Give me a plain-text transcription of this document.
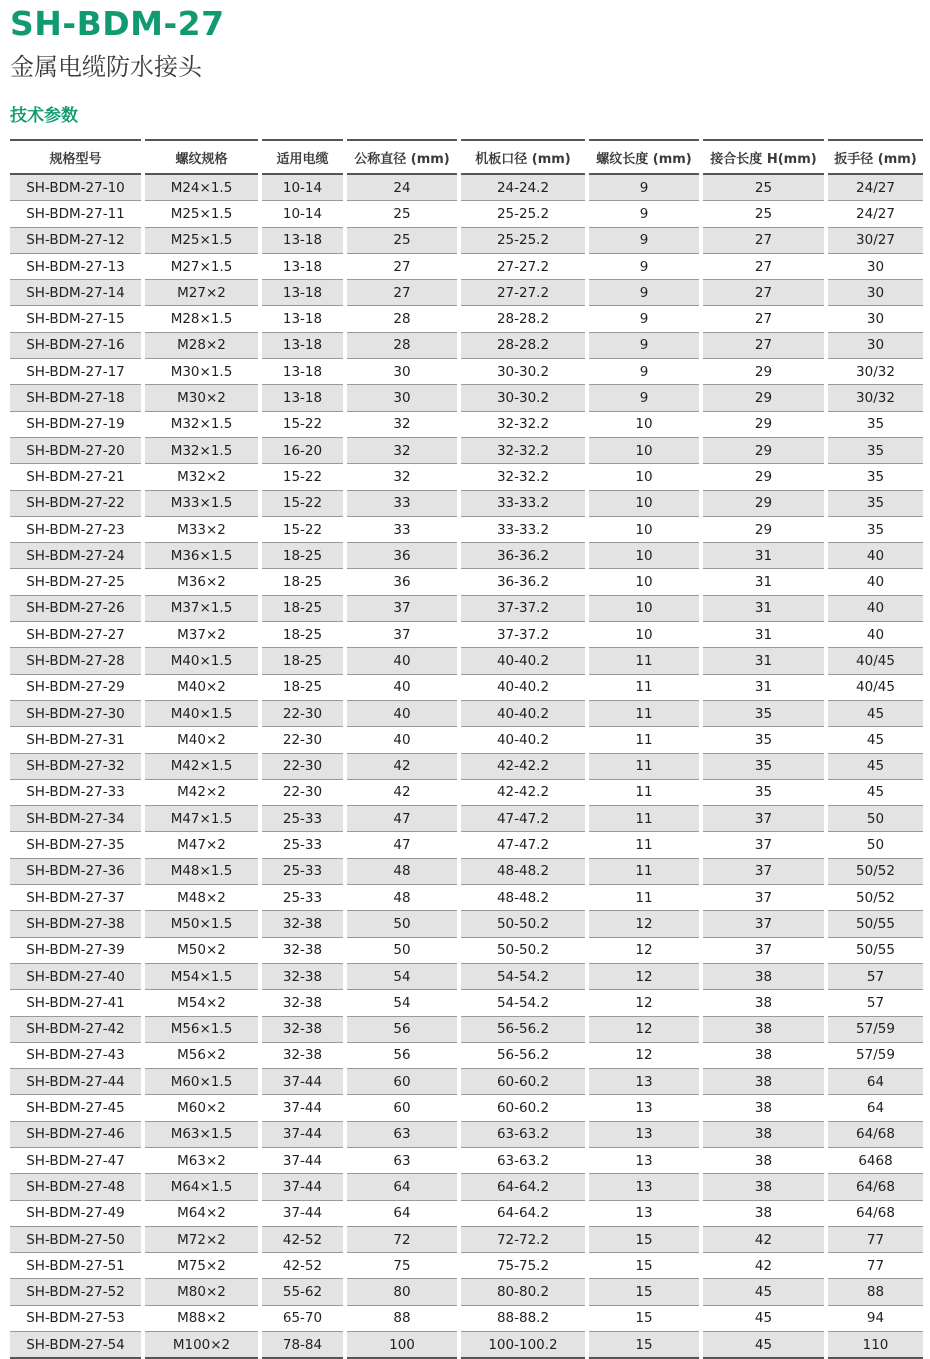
SH-BDM-27
金属电缆防水接头
技术参数
规格型号	螺纹规格	适用电缆	公称直径 (mm)	机板口径 (mm)	螺纹长度 (mm)	接合长度 H(mm)	扳手径 (mm)
SH-BDM-27-10	M24×1.5	10-14	24	24-24.2	9	25	24/27
SH-BDM-27-11	M25×1.5	10-14	25	25-25.2	9	25	24/27
SH-BDM-27-12	M25×1.5	13-18	25	25-25.2	9	27	30/27
SH-BDM-27-13	M27×1.5	13-18	27	27-27.2	9	27	30
SH-BDM-27-14	M27×2	13-18	27	27-27.2	9	27	30
SH-BDM-27-15	M28×1.5	13-18	28	28-28.2	9	27	30
SH-BDM-27-16	M28×2	13-18	28	28-28.2	9	27	30
SH-BDM-27-17	M30×1.5	13-18	30	30-30.2	9	29	30/32
SH-BDM-27-18	M30×2	13-18	30	30-30.2	9	29	30/32
SH-BDM-27-19	M32×1.5	15-22	32	32-32.2	10	29	35
SH-BDM-27-20	M32×1.5	16-20	32	32-32.2	10	29	35
SH-BDM-27-21	M32×2	15-22	32	32-32.2	10	29	35
SH-BDM-27-22	M33×1.5	15-22	33	33-33.2	10	29	35
SH-BDM-27-23	M33×2	15-22	33	33-33.2	10	29	35
SH-BDM-27-24	M36×1.5	18-25	36	36-36.2	10	31	40
SH-BDM-27-25	M36×2	18-25	36	36-36.2	10	31	40
SH-BDM-27-26	M37×1.5	18-25	37	37-37.2	10	31	40
SH-BDM-27-27	M37×2	18-25	37	37-37.2	10	31	40
SH-BDM-27-28	M40×1.5	18-25	40	40-40.2	11	31	40/45
SH-BDM-27-29	M40×2	18-25	40	40-40.2	11	31	40/45
SH-BDM-27-30	M40×1.5	22-30	40	40-40.2	11	35	45
SH-BDM-27-31	M40×2	22-30	40	40-40.2	11	35	45
SH-BDM-27-32	M42×1.5	22-30	42	42-42.2	11	35	45
SH-BDM-27-33	M42×2	22-30	42	42-42.2	11	35	45
SH-BDM-27-34	M47×1.5	25-33	47	47-47.2	11	37	50
SH-BDM-27-35	M47×2	25-33	47	47-47.2	11	37	50
SH-BDM-27-36	M48×1.5	25-33	48	48-48.2	11	37	50/52
SH-BDM-27-37	M48×2	25-33	48	48-48.2	11	37	50/52
SH-BDM-27-38	M50×1.5	32-38	50	50-50.2	12	37	50/55
SH-BDM-27-39	M50×2	32-38	50	50-50.2	12	37	50/55
SH-BDM-27-40	M54×1.5	32-38	54	54-54.2	12	38	57
SH-BDM-27-41	M54×2	32-38	54	54-54.2	12	38	57
SH-BDM-27-42	M56×1.5	32-38	56	56-56.2	12	38	57/59
SH-BDM-27-43	M56×2	32-38	56	56-56.2	12	38	57/59
SH-BDM-27-44	M60×1.5	37-44	60	60-60.2	13	38	64
SH-BDM-27-45	M60×2	37-44	60	60-60.2	13	38	64
SH-BDM-27-46	M63×1.5	37-44	63	63-63.2	13	38	64/68
SH-BDM-27-47	M63×2	37-44	63	63-63.2	13	38	6468
SH-BDM-27-48	M64×1.5	37-44	64	64-64.2	13	38	64/68
SH-BDM-27-49	M64×2	37-44	64	64-64.2	13	38	64/68
SH-BDM-27-50	M72×2	42-52	72	72-72.2	15	42	77
SH-BDM-27-51	M75×2	42-52	75	75-75.2	15	42	77
SH-BDM-27-52	M80×2	55-62	80	80-80.2	15	45	88
SH-BDM-27-53	M88×2	65-70	88	88-88.2	15	45	94
SH-BDM-27-54	M100×2	78-84	100	100-100.2	15	45	110
